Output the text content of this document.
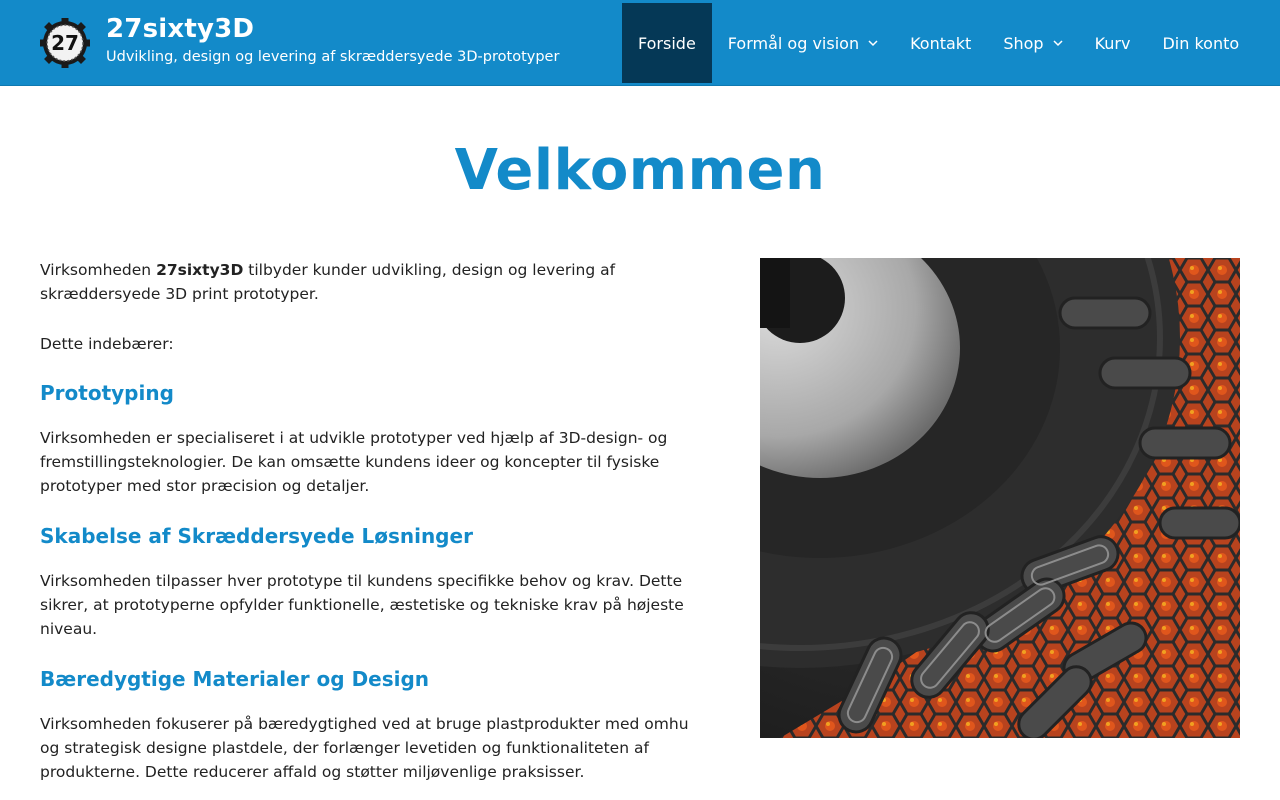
27 27sixty3D
Udvikling, design og levering af skræddersyede 3D-prototyper
Forside Formål og vision	Kontakt Shop	Kurv Din konto
Velkommen

Virksomheden 27sixty3D tilbyder kunder udvikling, design og levering af skræddersyede 3D print prototyper.

Dette indebærer:

Prototyping

Virksomheden er specialiseret i at udvikle prototyper ved hjælp af 3D-design- og fremstillingsteknologier. De kan omsætte kundens ideer og koncepter til fysiske prototyper med stor præcision og detaljer.

Skabelse af Skræddersyede Løsninger

Virksomheden tilpasser hver prototype til kundens specifikke behov og krav. Dette sikrer, at prototyperne opfylder funktionelle, æstetiske og tekniske krav på højeste niveau.

Bæredygtige Materialer og Design

Virksomheden fokuserer på bæredygtighed ved at bruge plastprodukter med omhu og strategisk designe plastdele, der forlænger levetiden og funktionaliteten af produkterne. Dette reducerer affald og støtter miljøvenlige praksisser.
